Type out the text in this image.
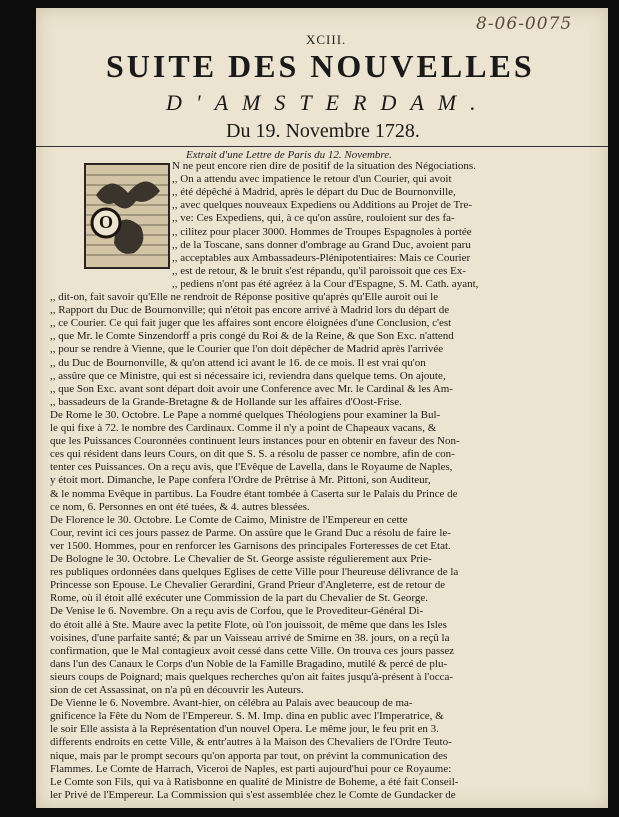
8-06-0075
XCIII.
SUITE DES NOUVELLES
D'AMSTERDAM.
Du 19. Novembre 1728.
Extrait d'une Lettre de Paris du 12. Novembre.
O
N ne peut encore rien dire de positif de la situation des Négociations.
,, On a attendu avec impatience le retour d'un Courier, qui avoit
,, été dépêché à Madrid, après le départ du Duc de Bournonville,
,, avec quelques nouveaux Expediens ou Additions au Projet de Tre-
,, ve: Ces Expediens, qui, à ce qu'on assûre, rouloient sur des fa-
,, cilitez pour placer 3000. Hommes de Troupes Espagnoles à portée
,, de la Toscane, sans donner d'ombrage au Grand Duc, avoient paru
,, acceptables aux Ambassadeurs-Plénipotentiaires: Mais ce Courier
,, est de retour, & le bruit s'est répandu, qu'il paroissoit que ces Ex-
,, pediens n'ont pas été agréez à la Cour d'Espagne, S. M. Cath. ayant,
,, dit-on, fait savoir qu'Elle ne rendroit de Réponse positive qu'après qu'Elle auroit oui le
,, Rapport du Duc de Bournonville; qui n'étoit pas encore arrivé à Madrid lors du départ de
,, ce Courier. Ce qui fait juger que les affaires sont encore éloignées d'une Conclusion, c'est
,, que Mr. le Comte Sinzendorff a pris congé du Roi & de la Reine, & que Son Exc. n'attend
,, pour se rendre à Vienne, que le Courier que l'on doit dépêcher de Madrid après l'arrivée
,, du Duc de Bournonville, & qu'on attend ici avant le 16. de ce mois. Il est vrai qu'on
,, assûre que ce Ministre, qui est si nécessaire ici, reviendra dans quelque tems. On ajoute,
,, que Son Exc. avant sont départ doit avoir une Conference avec Mr. le Cardinal & les Am-
,, bassadeurs de la Grande-Bretagne & de Hollande sur les affaires d'Oost-Frise.
De Rome le 30. Octobre. Le Pape a nommé quelques Théologiens pour examiner la Bul-
le qui fixe à 72. le nombre des Cardinaux. Comme il n'y a point de Chapeaux vacans, &
que les Puissances Couronnées continuent leurs instances pour en obtenir en faveur des Non-
ces qui résident dans leurs Cours, on dit que S. S. a résolu de passer ce nombre, afin de con-
tenter ces Puissances. On a reçu avis, que l'Evêque de Lavella, dans le Royaume de Naples,
y étoit mort. Dimanche, le Pape confera l'Ordre de Prêtrise à Mr. Pittoni, son Auditeur,
& le nomma Evêque in partibus. La Foudre étant tombée à Caserta sur le Palais du Prince de
ce nom, 6. Personnes en ont été tuées, & 4. autres blessées.
De Florence le 30. Octobre. Le Comte de Caimo, Ministre de l'Empereur en cette
Cour, revint ici ces jours passez de Parme. On assûre que le Grand Duc a résolu de faire le-
ver 1500. Hommes, pour en renforcer les Garnisons des principales Forteresses de cet Etat.
De Bologne le 30. Octobre. Le Chevalier de St. George assiste régulierement aux Prie-
res publiques ordonnées dans quelques Eglises de cette Ville pour l'heureuse délivrance de la
Princesse son Epouse. Le Chevalier Gerardini, Grand Prieur d'Angleterre, est de retour de
Rome, où il étoit allé exécuter une Commission de la part du Chevalier de St. George.
De Venise le 6. Novembre. On a reçu avis de Corfou, que le Provediteur-Général Di-
do étoit allé à Ste. Maure avec la petite Flote, où l'on jouissoit, de même que dans les Isles
voisines, d'une parfaite santé; & par un Vaisseau arrivé de Smirne en 38. jours, on a reçû la
confirmation, que le Mal contagieux avoit cessé dans cette Ville. On trouva ces jours passez
dans l'un des Canaux le Corps d'un Noble de la Famille Bragadino, mutilé & percé de plu-
sieurs coups de Poignard; mais quelques recherches qu'on ait faites jusqu'à-présent à l'occa-
sion de cet Assassinat, on n'a pû en découvrir les Auteurs.
De Vienne le 6. Novembre. Avant-hier, on célébra au Palais avec beaucoup de ma-
gnificence la Fête du Nom de l'Empereur. S. M. Imp. dina en public avec l'Imperatrice, &
le soir Elle assista à la Représentation d'un nouvel Opera. Le même jour, le feu prit en 3.
differents endroits en cette Ville, & entr'autres à la Maison des Chevaliers de l'Ordre Teuto-
nique, mais par le prompt secours qu'on apporta par tout, on prévint la communication des
Flammes. Le Comte de Harrach, Viceroi de Naples, est parti aujourd'hui pour ce Royaume:
Le Comte son Fils, qui va à Ratisbonne en qualité de Ministre de Boheme, a été fait Conseil-
ler Privé de l'Empereur. La Commission qui s'est assemblée chez le Comte de Gundacker de
